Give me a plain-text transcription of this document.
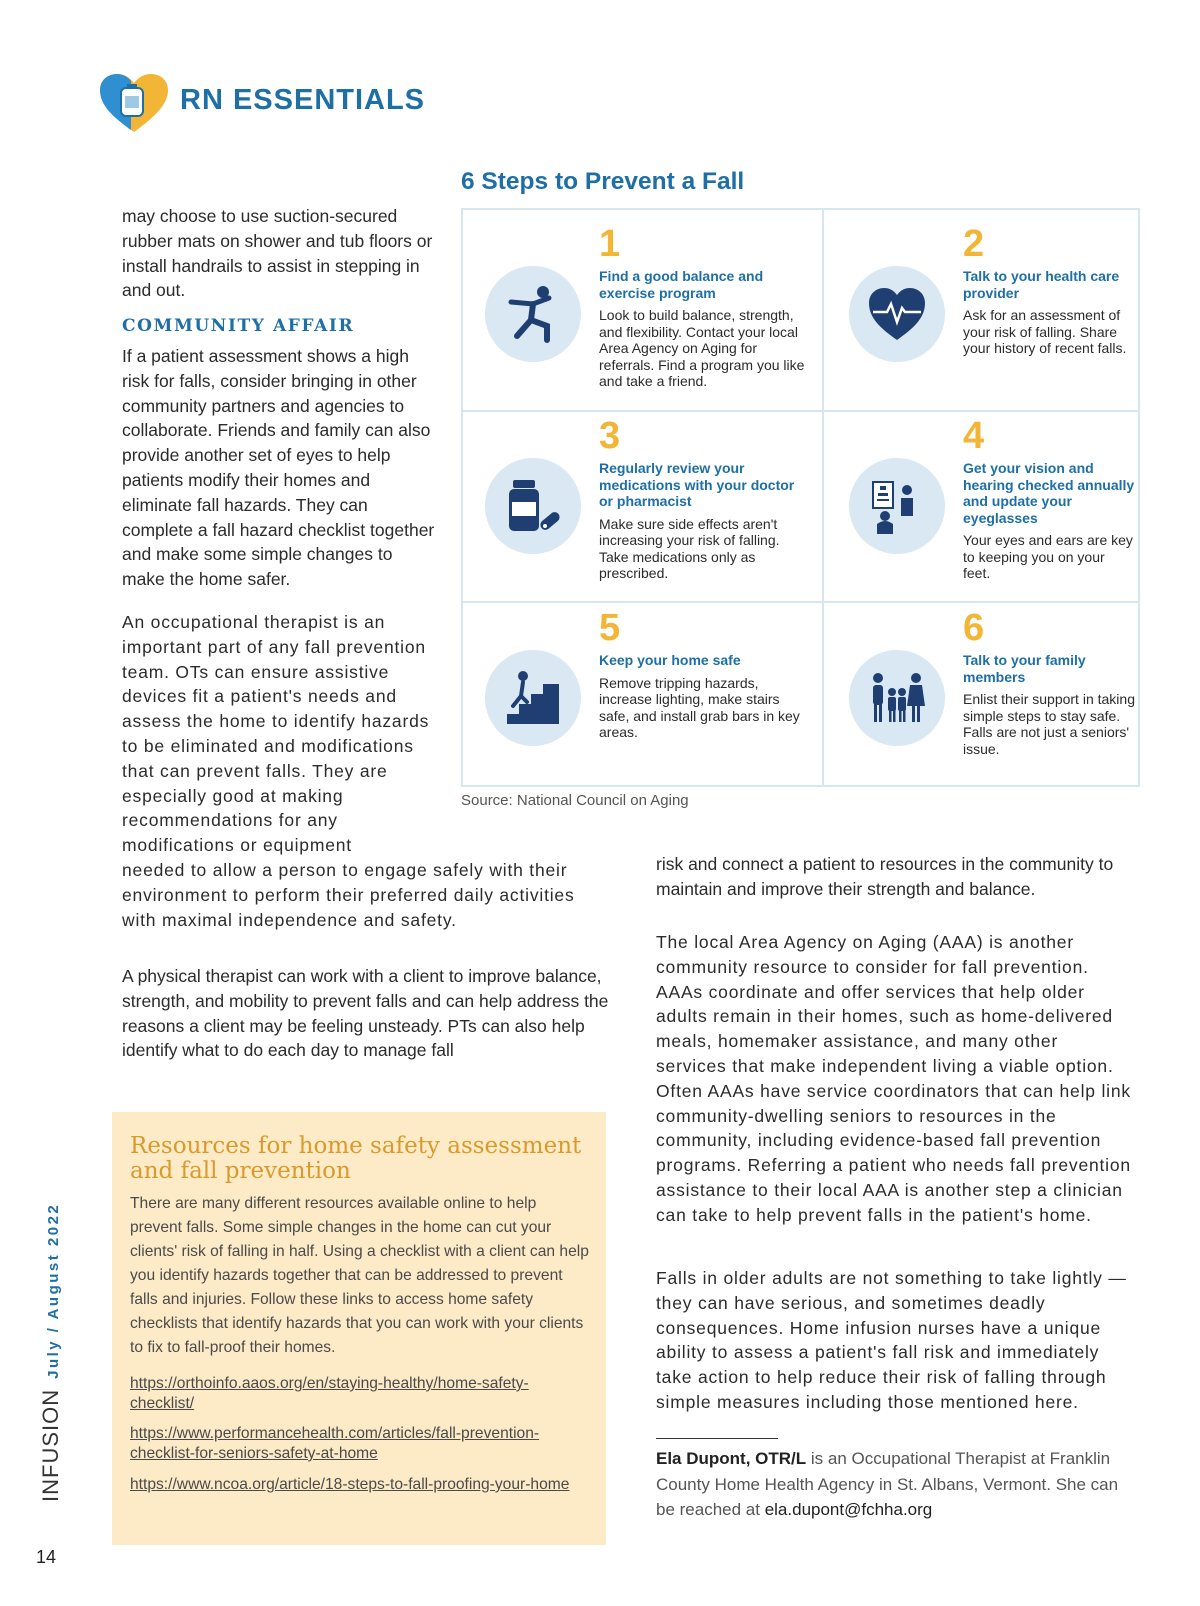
RN ESSENTIALS

may choose to use suction-secured rubber mats on shower and tub floors or install handrails to assist in stepping in and out.

COMMUNITY AFFAIR

If a patient assessment shows a high risk for falls, consider bringing in other community partners and agencies to collaborate. Friends and family can also provide another set of eyes to help patients modify their homes and eliminate fall hazards. They can complete a fall hazard checklist together and make some simple changes to make the home safer.

An occupational therapist is an important part of any fall prevention team. OTs can ensure assistive devices fit a patient's needs and assess the home to identify hazards to be eliminated and modifications that can prevent falls. They are especially good at making recommendations for any modifications or equipment

needed to allow a person to engage safely with their environment to perform their preferred daily activities with maximal independence and safety.

A physical therapist can work with a client to improve balance, strength, and mobility to prevent falls and can help address the reasons a client may be feeling unsteady. PTs can also help identify what to do each day to manage fall

6 Steps to Prevent a Fall
1
Find a good balance and exercise program
Look to build balance, strength, and flexibility. Contact your local Area Agency on Aging for referrals. Find a program you like and take a friend.
2
Talk to your health care provider
Ask for an assessment of your risk of falling. Share your history of recent falls.
3
Regularly review your medications with your doctor or pharmacist
Make sure side effects aren't increasing your risk of falling. Take medications only as prescribed.
4
Get your vision and hearing checked annually and update your eyeglasses
Your eyes and ears are key to keeping you on your feet.
5
Keep your home safe
Remove tripping hazards, increase lighting, make stairs safe, and install grab bars in key areas.
6
Talk to your family members
Enlist their support in taking simple steps to stay safe. Falls are not just a seniors' issue.
Source: National Council on Aging

risk and connect a patient to resources in the community to maintain and improve their strength and balance.

The local Area Agency on Aging (AAA) is another community resource to consider for fall prevention. AAAs coordinate and offer services that help older adults remain in their homes, such as home-delivered meals, homemaker assistance, and many other services that make independent living a viable option. Often AAAs have service coordinators that can help link community-dwelling seniors to resources in the community, including evidence-based fall prevention programs. Referring a patient who needs fall prevention assistance to their local AAA is another step a clinician can take to help prevent falls in the patient's home.

Falls in older adults are not something to take lightly —they can have serious, and sometimes deadly consequences. Home infusion nurses have a unique ability to assess a patient's fall risk and immediately take action to help reduce their risk of falling through simple measures including those mentioned here.

Resources for home safety assessment and fall prevention
There are many different resources available online to help prevent falls. Some simple changes in the home can cut your clients' risk of falling in half. Using a checklist with a client can help you identify hazards together that can be addressed to prevent falls and injuries. Follow these links to access home safety checklists that identify hazards that you can work with your clients to fix to fall-proof their homes.
https://orthoinfo.aaos.org/en/staying-healthy/home-safety-checklist/
https://www.performancehealth.com/articles/fall-prevention-checklist-for-seniors-safety-at-home
https://www.ncoa.org/article/18-steps-to-fall-proofing-your-home
Ela Dupont, OTR/L is an Occupational Therapist at Franklin County Home Health Agency in St. Albans, Vermont. She can be reached at ela.dupont@fchha.org
INFUSIONJuly / August 2022
14
